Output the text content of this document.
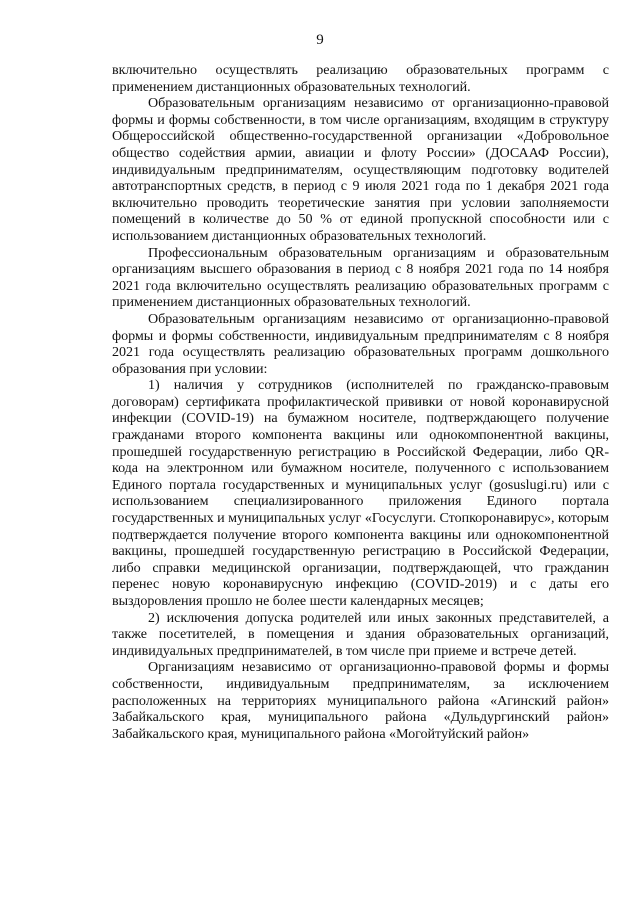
9

включительно осуществлять реализацию образовательных программ с применением дистанционных образовательных технологий.

Образовательным организациям независимо от организационно-правовой формы и формы собственности, в том числе организациям, входящим в структуру Общероссийской общественно-государственной организации «Добровольное общество содействия армии, авиации и флоту России» (ДОСААФ России), индивидуальным предпринимателям, осуществляющим подготовку водителей автотранспортных средств, в период с 9 июля 2021 года по 1 декабря 2021 года включительно проводить теоретические занятия при условии заполняемости помещений в количестве до 50 % от единой пропускной способности или с использованием дистанционных образовательных технологий.

Профессиональным образовательным организациям и образовательным организациям высшего образования в период с 8 ноября 2021 года по 14 ноября 2021 года включительно осуществлять реализацию образовательных программ с применением дистанционных образовательных технологий.

Образовательным организациям независимо от организационно-правовой формы и формы собственности, индивидуальным предпринимателям с 8 ноября 2021 года осуществлять реализацию образовательных программ дошкольного образования при условии:

1) наличия у сотрудников (исполнителей по гражданско-правовым договорам) сертификата профилактической прививки от новой коронавирусной инфекции (COVID-19) на бумажном носителе, подтверждающего получение гражданами второго компонента вакцины или однокомпонентной вакцины, прошедшей государственную регистрацию в Российской Федерации, либо QR-кода на электронном или бумажном носителе, полученного с использованием Единого портала государственных и муниципальных услуг (gosuslugi.ru) или с использованием специализированного приложения Единого портала государственных и муниципальных услуг «Госуслуги. Стопкоронавирус», которым подтверждается получение второго компонента вакцины или однокомпонентной вакцины, прошедшей государственную регистрацию в Российской Федерации, либо справки медицинской организации, подтверждающей, что гражданин перенес новую коронавирусную инфекцию (COVID-2019) и с даты его выздоровления прошло не более шести календарных месяцев;

2) исключения допуска родителей или иных законных представителей, а также посетителей, в помещения и здания образовательных организаций, индивидуальных предпринимателей, в том числе при приеме и встрече детей.

Организациям независимо от организационно-правовой формы и формы собственности, индивидуальным предпринимателям, за исключением расположенных на территориях муниципального района «Агинский район» Забайкальского края, муниципального района «Дульдургинский район» Забайкальского края, муниципального района «Могойтуйский район»
